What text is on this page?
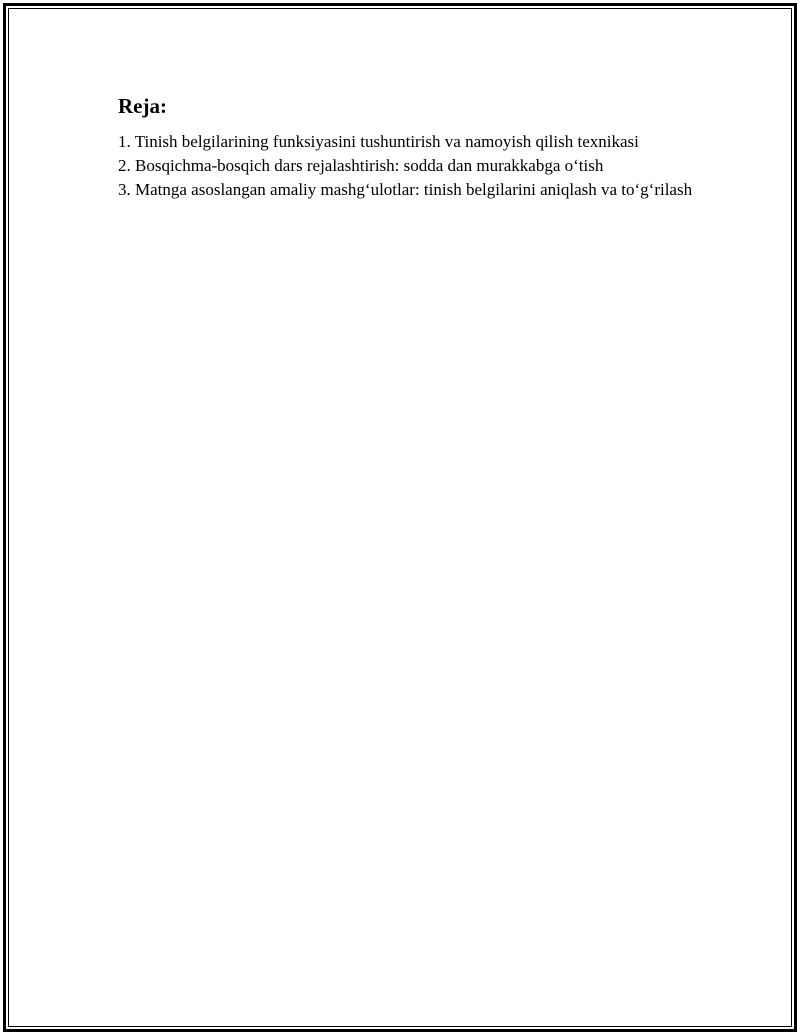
Reja:
1. Tinish belgilarining funksiyasini tushuntirish va namoyish qilish texnikasi
2. Bosqichma-bosqich dars rejalashtirish: sodda dan murakkabga o‘tish
3. Matnga asoslangan amaliy mashg‘ulotlar: tinish belgilarini aniqlash va to‘g‘rilash
